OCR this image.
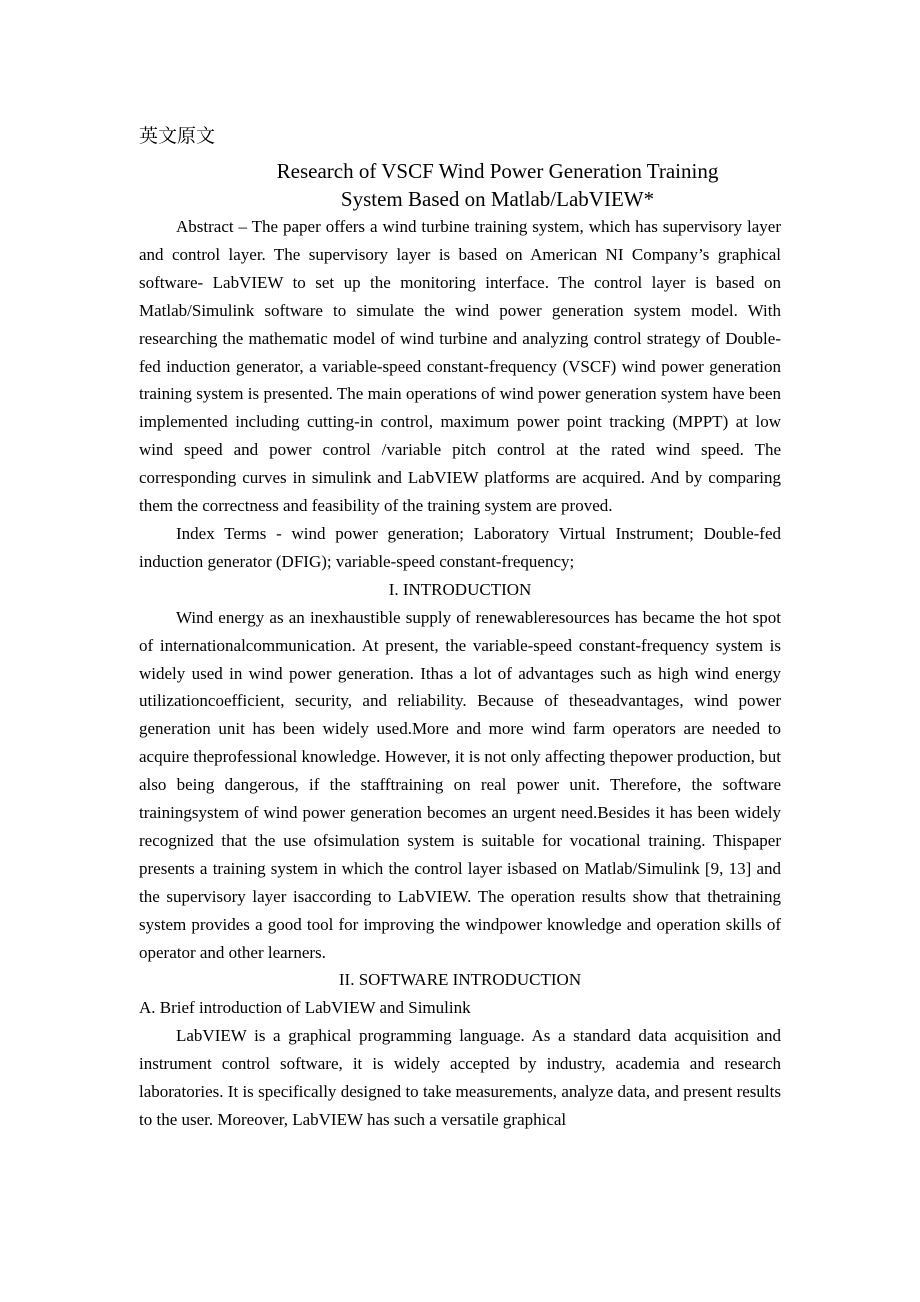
英文原文
Research of VSCF Wind Power Generation Training
System Based on Matlab/LabVIEW*

Abstract – The paper offers a wind turbine training system, which has supervisory layer and control layer. The supervisory layer is based on American NI Company’s graphical software- LabVIEW to set up the monitoring interface. The control layer is based on Matlab/Simulink software to simulate the wind power generation system model. With researching the mathematic model of wind turbine and analyzing control strategy of Double-fed induction generator, a variable-speed constant-frequency (VSCF) wind power generation training system is presented. The main operations of wind power generation system have been implemented including cutting-in control, maximum power point tracking (MPPT) at low wind speed and power control /variable pitch control at the rated wind speed. The corresponding curves in simulink and LabVIEW platforms are acquired. And by comparing them the correctness and feasibility of the training system are proved.

Index Terms - wind power generation; Laboratory Virtual Instrument; Double-fed induction generator (DFIG); variable-speed constant-frequency;

I. INTRODUCTION

Wind energy as an inexhaustible supply of renewableresources has became the hot spot of internationalcommunication. At present, the variable-speed constant-frequency system is widely used in wind power generation. Ithas a lot of advantages such as high wind energy utilizationcoefficient, security, and reliability. Because of theseadvantages, wind power generation unit has been widely used.More and more wind farm operators are needed to acquire theprofessional knowledge. However, it is not only affecting thepower production, but also being dangerous, if the stafftraining on real power unit. Therefore, the software trainingsystem of wind power generation becomes an urgent need.Besides it has been widely recognized that the use ofsimulation system is suitable for vocational training. Thispaper presents a training system in which the control layer isbased on Matlab/Simulink [9, 13] and the supervisory layer isaccording to LabVIEW. The operation results show that thetraining system provides a good tool for improving the windpower knowledge and operation skills of operator and other learners.

II. SOFTWARE INTRODUCTION
A. Brief introduction of LabVIEW and Simulink

LabVIEW is a graphical programming language. As a standard data acquisition and instrument control software, it is widely accepted by industry, academia and research laboratories. It is specifically designed to take measurements, analyze data, and present results to the user. Moreover, LabVIEW has such a versatile graphical
